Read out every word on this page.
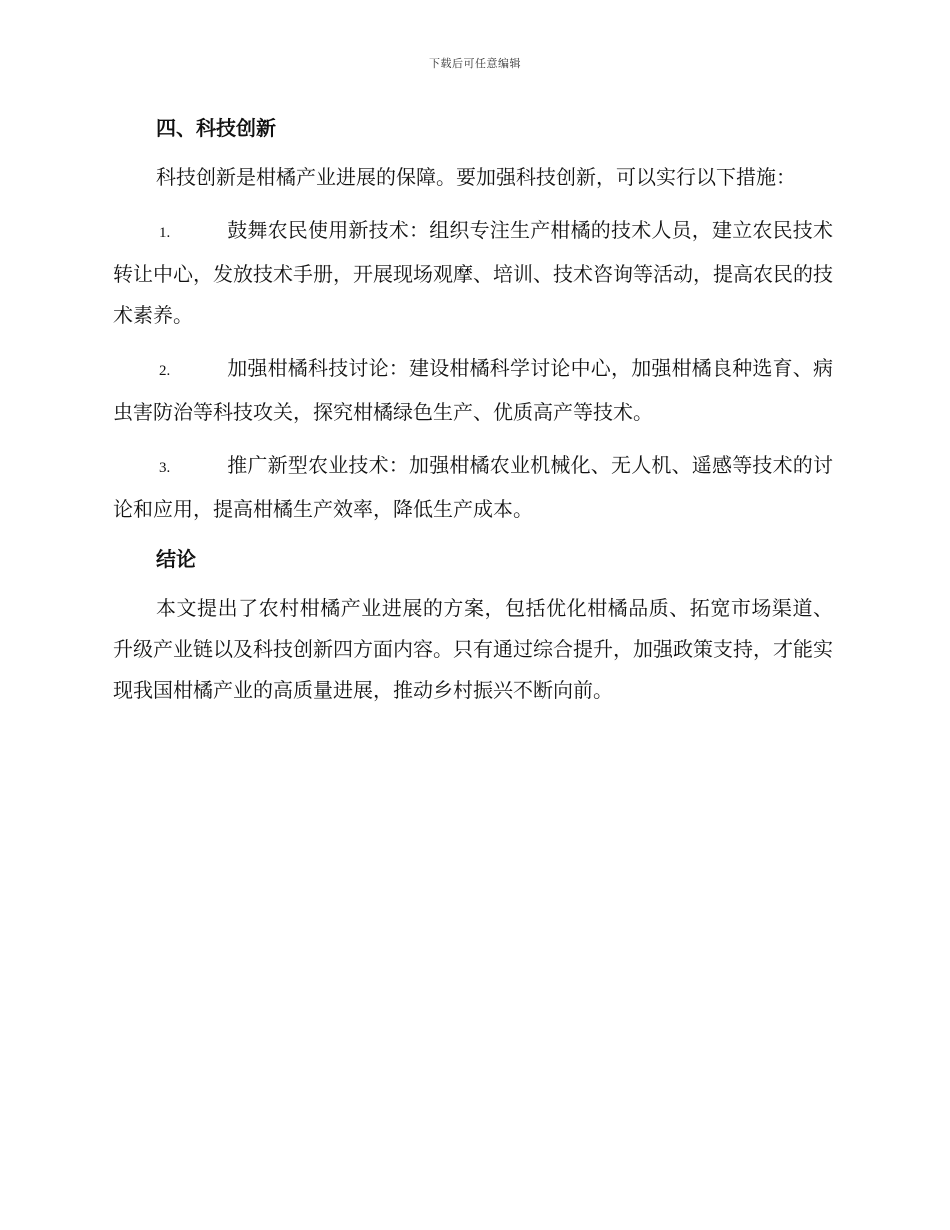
下载后可任意编辑
四、科技创新

科技创新是柑橘产业进展的保障。要加强科技创新，可以实行以下措施：

1.	鼓舞农民使用新技术：组织专注生产柑橘的技术人员，建立农民技术转让中心，发放技术手册，开展现场观摩、培训、技术咨询等活动，提高农民的技术素养。

2.	加强柑橘科技讨论：建设柑橘科学讨论中心，加强柑橘良种选育、病虫害防治等科技攻关，探究柑橘绿色生产、优质高产等技术。

3.	推广新型农业技术：加强柑橘农业机械化、无人机、遥感等技术的讨论和应用，提高柑橘生产效率，降低生产成本。

结论

本文提出了农村柑橘产业进展的方案，包括优化柑橘品质、拓宽市场渠道、升级产业链以及科技创新四方面内容。只有通过综合提升，加强政策支持，才能实现我国柑橘产业的高质量进展，推动乡村振兴不断向前。
